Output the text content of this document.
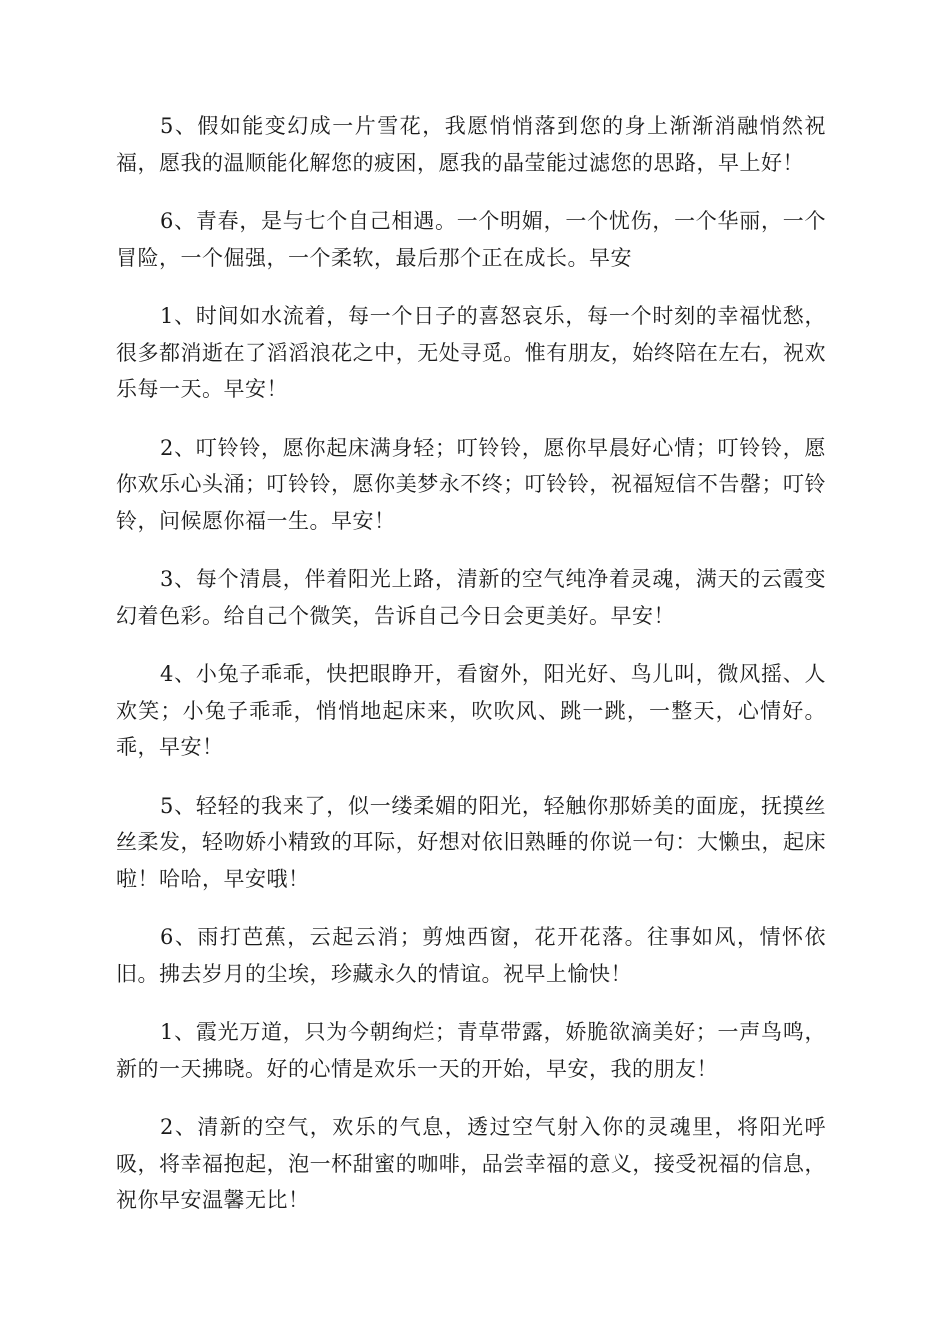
5、假如能变幻成一片雪花，我愿悄悄落到您的身上渐渐消融悄然祝福，愿我的温顺能化解您的疲困，愿我的晶莹能过滤您的思路，早上好！

6、青春，是与七个自己相遇。一个明媚，一个忧伤，一个华丽，一个冒险，一个倔强，一个柔软，最后那个正在成长。早安

1、时间如水流着，每一个日子的喜怒哀乐，每一个时刻的幸福忧愁，很多都消逝在了滔滔浪花之中，无处寻觅。惟有朋友，始终陪在左右，祝欢乐每一天。早安！

2、叮铃铃，愿你起床满身轻；叮铃铃，愿你早晨好心情；叮铃铃，愿你欢乐心头涌；叮铃铃，愿你美梦永不终；叮铃铃，祝福短信不告罄；叮铃铃，问候愿你福一生。早安！

3、每个清晨，伴着阳光上路，清新的空气纯净着灵魂，满天的云霞变幻着色彩。给自己个微笑，告诉自己今日会更美好。早安！

4、小兔子乖乖，快把眼睁开，看窗外，阳光好、鸟儿叫，微风摇、人欢笑；小兔子乖乖，悄悄地起床来，吹吹风、跳一跳，一整天，心情好。乖，早安！

5、轻轻的我来了，似一缕柔媚的阳光，轻触你那娇美的面庞，抚摸丝丝柔发，轻吻娇小精致的耳际，好想对依旧熟睡的你说一句：大懒虫，起床啦！哈哈，早安哦！

6、雨打芭蕉，云起云消；剪烛西窗，花开花落。往事如风，情怀依旧。拂去岁月的尘埃，珍藏永久的情谊。祝早上愉快！

1、霞光万道，只为今朝绚烂；青草带露，娇脆欲滴美好；一声鸟鸣，新的一天拂晓。好的心情是欢乐一天的开始，早安，我的朋友！

2、清新的空气，欢乐的气息，透过空气射入你的灵魂里，将阳光呼吸，将幸福抱起，泡一杯甜蜜的咖啡，品尝幸福的意义，接受祝福的信息，祝你早安温馨无比！
